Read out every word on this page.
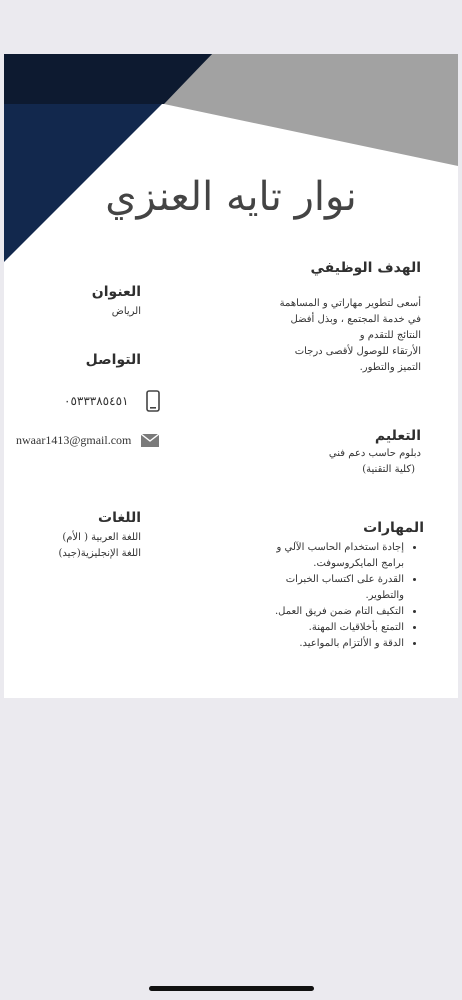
نوار تايه العنزي

الهدف الوظيفي

أسعى لتطوير مهاراتي و المساهمة
في خدمة المجتمع ، وبذل أفضل
النتائج للتقدم و
الأرتقاء للوصول لأقصى درجات
التميز والتطور.

العنوان

الرياض

التواصل

٠٥٣٣٣٨٥٤٥١
nwaar1413@gmail.com	التعليم

دبلوم حاسب دعم فني
(كلية التقنية)

اللغات

اللغة العربية ( الأم)
اللغة الإنجليزية(جيد)

المهارات

• إجادة استخدام الحاسب الآلي و برامج المايكروسوفت.
• القدرة على اكتساب الخبرات والتطوير.
• التكيف التام ضمن فريق العمل.
• التمتع بأخلاقيات المهنة.
• الدقة و الألتزام بالمواعيد.
